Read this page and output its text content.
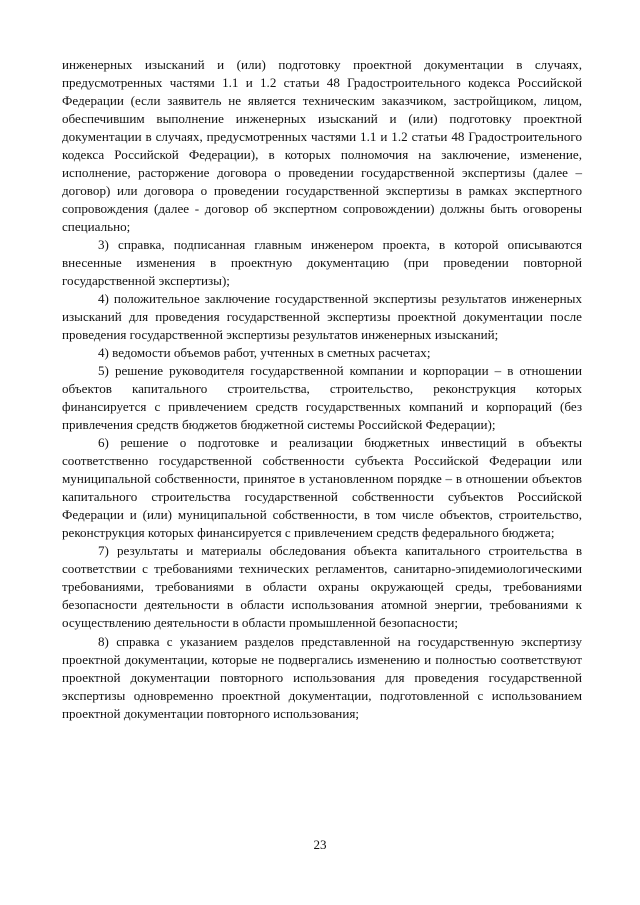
инженерных изысканий и (или) подготовку проектной документации в случаях, предусмотренных частями 1.1 и 1.2 статьи 48 Градостроительного кодекса Российской Федерации (если заявитель не является техническим заказчиком, застройщиком, лицом, обеспечившим выполнение инженерных изысканий и (или) подготовку проектной документации в случаях, предусмотренных частями 1.1 и 1.2 статьи 48 Градостроительного кодекса Российской Федерации), в которых полномочия на заключение, изменение, исполнение, расторжение договора о проведении государственной экспертизы (далее – договор) или договора о проведении государственной экспертизы в рамках экспертного сопровождения (далее - договор об экспертном сопровождении) должны быть оговорены специально;

3) справка, подписанная главным инженером проекта, в которой описываются внесенные изменения в проектную документацию (при проведении повторной государственной экспертизы);

4) положительное заключение государственной экспертизы результатов инженерных изысканий для проведения государственной экспертизы проектной документации после проведения государственной экспертизы результатов инженерных изысканий;

4) ведомости объемов работ, учтенных в сметных расчетах;

5) решение руководителя государственной компании и корпорации – в отношении объектов капитального строительства, строительство, реконструкция которых финансируется с привлечением средств государственных компаний и корпораций (без привлечения средств бюджетов бюджетной системы Российской Федерации);

6) решение о подготовке и реализации бюджетных инвестиций в объекты соответственно государственной собственности субъекта Российской Федерации или муниципальной собственности, принятое в установленном порядке – в отношении объектов капитального строительства государственной собственности субъектов Российской Федерации и (или) муниципальной собственности, в том числе объектов, строительство, реконструкция которых финансируется с привлечением средств федерального бюджета;

7) результаты и материалы обследования объекта капитального строительства в соответствии с требованиями технических регламентов, санитарно-эпидемиологическими требованиями, требованиями в области охраны окружающей среды, требованиями безопасности деятельности в области использования атомной энергии, требованиями к осуществлению деятельности в области промышленной безопасности;

8) справка с указанием разделов представленной на государственную экспертизу проектной документации, которые не подвергались изменению и полностью соответствуют проектной документации повторного использования для проведения государственной экспертизы одновременно проектной документации, подготовленной с использованием проектной документации повторного использования;

23
